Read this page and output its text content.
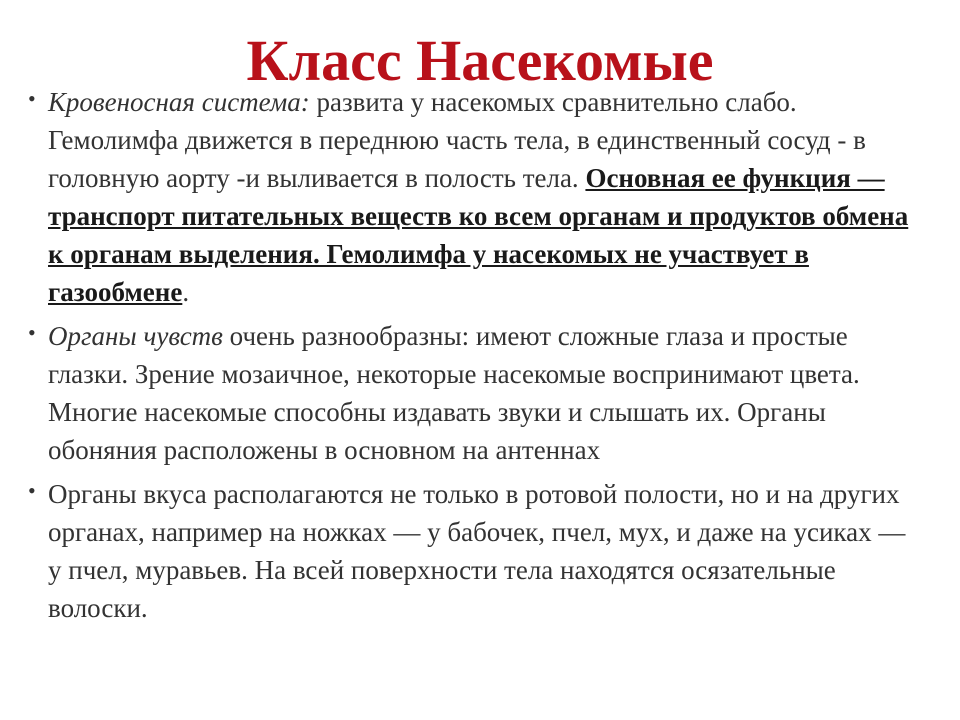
Класс Насекомые
• Кровеносная система: развита у насекомых сравнительно слабо. Гемолимфа движется в переднюю часть тела, в единственный сосуд - в головную аорту -и выливается в полость тела. Основная ее функция — транспорт питательных веществ ко всем органам и продуктов обмена к органам выделения. Гемолимфа у насекомых не участвует в газообмене.
• Органы чувств очень разнообразны: имеют сложные глаза и простые глазки. Зрение мозаичное, некоторые насекомые воспринимают цвета. Многие насекомые способны издавать звуки и слышать их. Органы обоняния расположены в основном на антеннах
• Органы вкуса располагаются не только в ротовой полости, но и на других органах, например на ножках — у бабочек, пчел, мух, и даже на усиках — у пчел, муравьев. На всей поверхности тела находятся осязательные волоски.
